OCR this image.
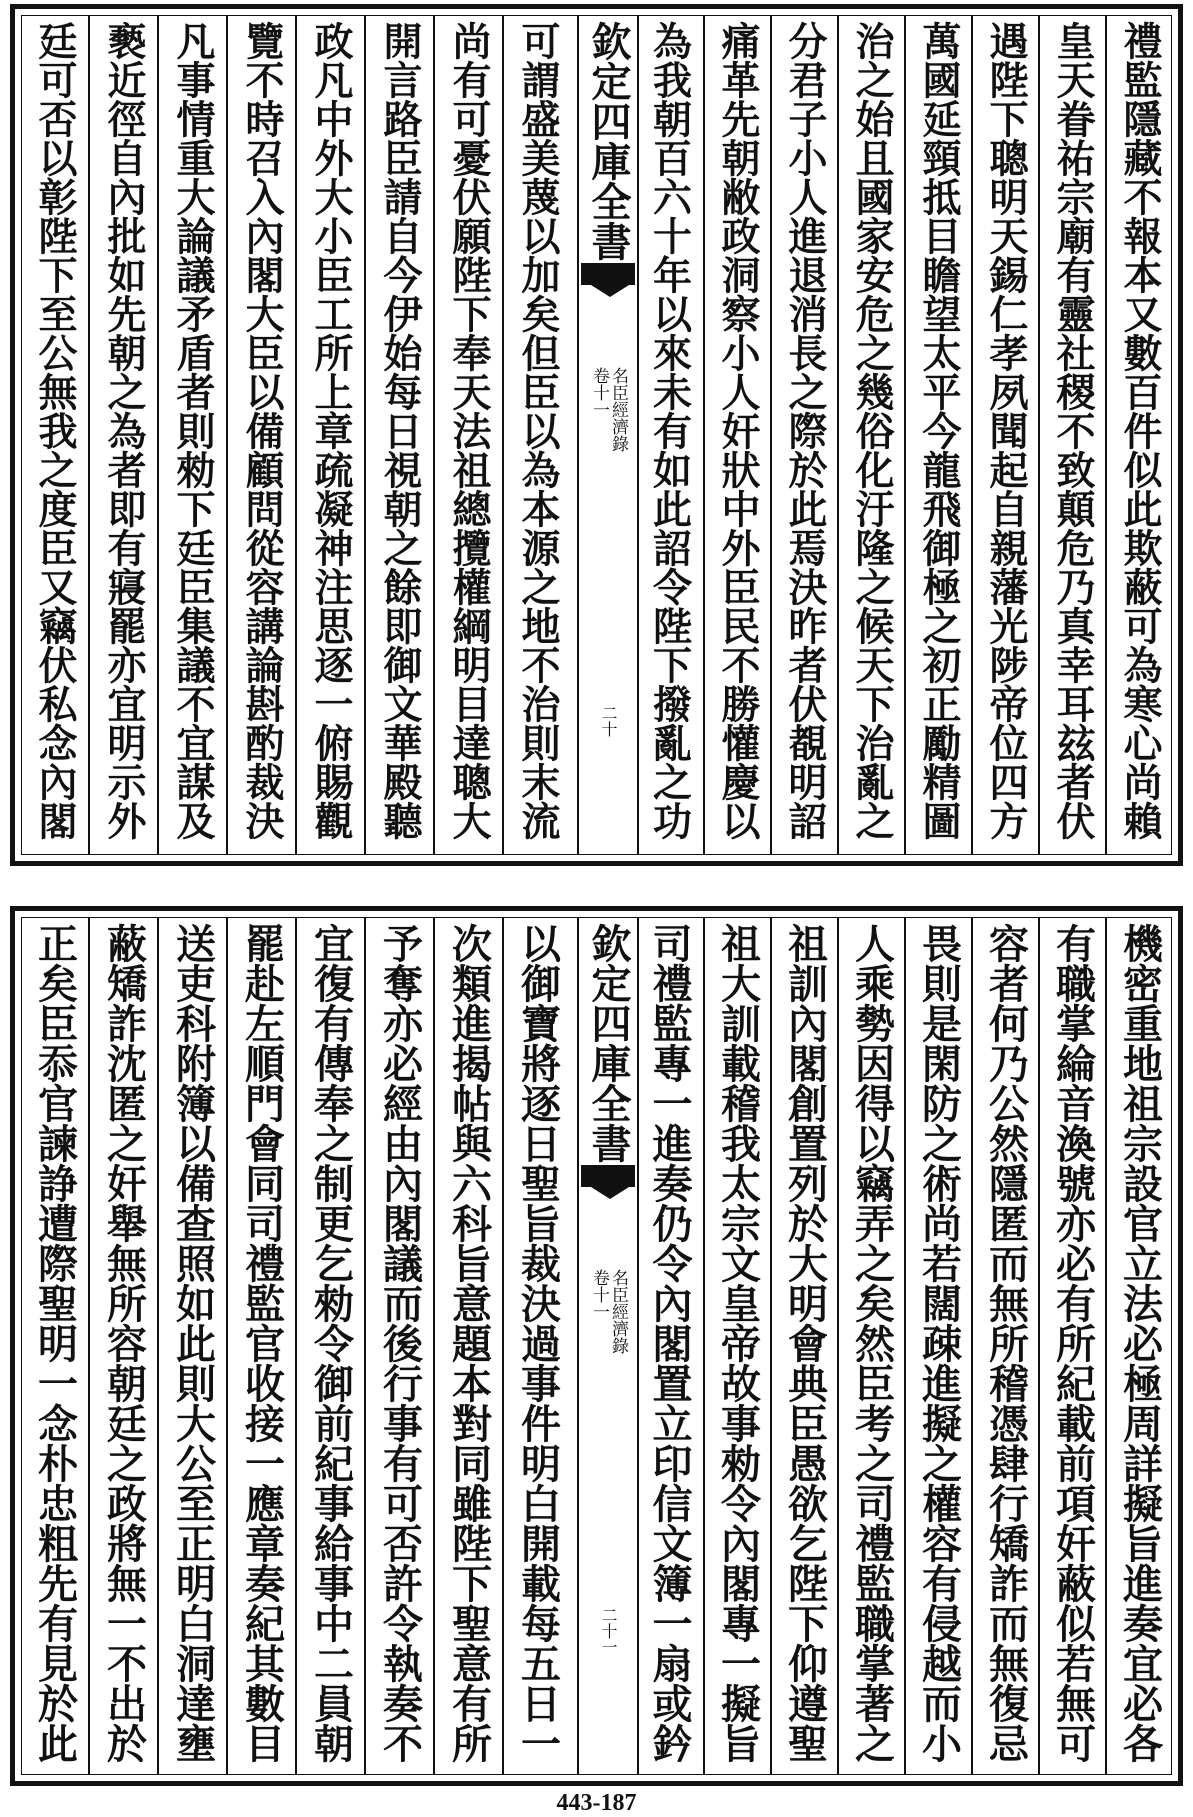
禮監隱藏不報本又數百件似此欺蔽可為寒心尚賴
皇天眷祐宗廟有靈社稷不致顛危乃真幸耳玆者伏
遇陛下聰明天錫仁孝夙聞起自親藩光陟帝位四方
萬國延頸抵目瞻望太平今龍飛御極之初正勵精圖
治之始且國家安危之幾俗化汙隆之候天下治亂之
分君子小人進退消長之際於此焉決昨者伏覩明詔
痛革先朝敝政洞察小人奸狀中外臣民不勝懽慶以
為我朝百六十年以來未有如此詔令陛下撥亂之功
欽定四庫全書
卷十一 名臣經濟錄
二十
可謂盛美蔑以加矣但臣以為本源之地不治則末流
尚有可憂伏願陛下奉天法祖總攬權綱明目達聰大
開言路臣請自今伊始每日視朝之餘即御文華殿聽
政凡中外大小臣工所上章疏凝神注思逐一俯賜觀
覽不時召入內閣大臣以備顧問從容講論斟酌裁決
凡事情重大論議矛盾者則勑下廷臣集議不宜謀及
褻近徑自內批如先朝之為者即有寢罷亦宜明示外
廷可否以彰陛下至公無我之度臣又竊伏私念內閣
機密重地祖宗設官立法必極周詳擬旨進奏宜必各
有職掌綸音渙號亦必有所紀載前項奸蔽似若無可
容者何乃公然隱匿而無所稽憑肆行矯詐而無復忌
畏則是閑防之術尚若闊疎進擬之權容有侵越而小
人乘勢因得以竊弄之矣然臣考之司禮監職掌著之
祖訓內閣創置列於大明會典臣愚欲乞陛下仰遵聖
祖大訓載稽我太宗文皇帝故事勑令內閣專一擬旨
司禮監專一進奏仍令內閣置立印信文簿一扇或鈐
欽定四庫全書
卷十一 名臣經濟錄
二十一
以御寶將逐日聖旨裁決過事件明白開載每五日一
次類進揭帖與六科旨意題本對同雖陛下聖意有所
予奪亦必經由內閣議而後行事有可否許令執奏不
宜復有傳奉之制更乞勑令御前紀事給事中二員朝
罷赴左順門會同司禮監官收接一應章奏紀其數目
送吏科附簿以備查照如此則大公至正明白洞達壅
蔽矯詐沈匿之奸舉無所容朝廷之政將無一不出於
正矣臣忝官諫諍遭際聖明一念朴忠粗先有見於此
443-187
